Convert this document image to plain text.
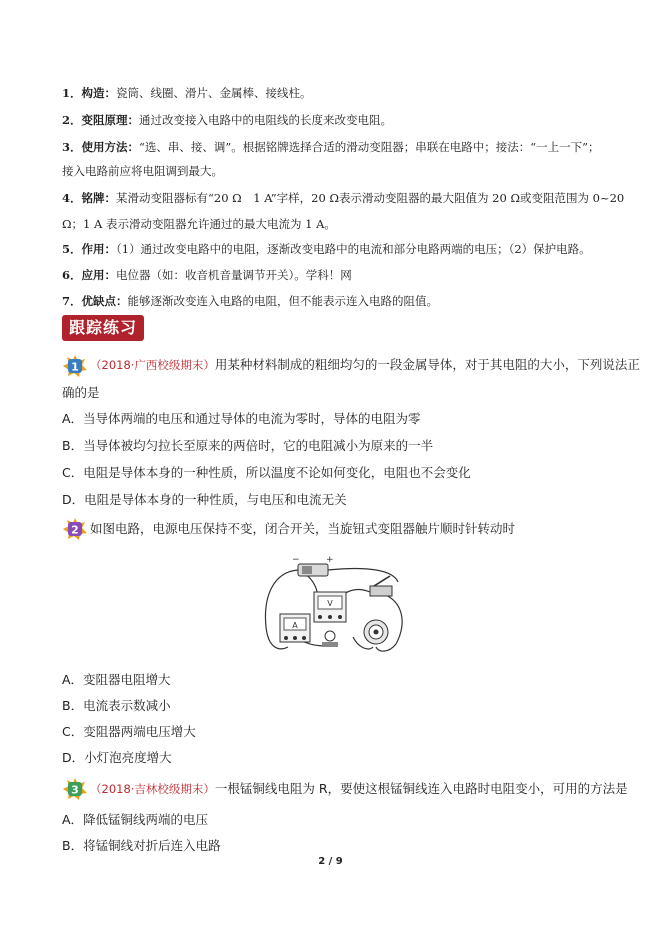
1．构造：瓷筒、线圈、滑片、金属棒、接线柱。
2．变阻原理：通过改变接入电路中的电阻线的长度来改变电阻。
3．使用方法：“选、串、接、调”。根据铭牌选择合适的滑动变阻器；串联在电路中；接法：“一上一下”；
接入电路前应将电阻调到最大。
4．铭牌：某滑动变阻器标有“20 Ω　1 A”字样，20 Ω表示滑动变阻器的最大阻值为 20 Ω或变阻范围为 0~20
Ω；1 A 表示滑动变阻器允许通过的最大电流为 1 A。
5．作用：（1）通过改变电路中的电阻，逐渐改变电路中的电流和部分电路两端的电压；（2）保护电路。
6．应用：电位器（如：收音机音量调节开关）。学科！网
7．优缺点：能够逐渐改变连入电路的电阻，但不能表示连入电路的阻值。
跟踪练习
1 （2018·广西校级期末）用某种材料制成的粗细均匀的一段金属导体，对于其电阻的大小，下列说法正
确的是
A．当导体两端的电压和通过导体的电流为零时，导体的电阻为零
B．当导体被均匀拉长至原来的两倍时，它的电阻减小为原来的一半
C．电阻是导体本身的一种性质，所以温度不论如何变化，电阻也不会变化
D．电阻是导体本身的一种性质，与电压和电流无关
2 如图电路，电源电压保持不变，闭合开关，当旋钮式变阻器触片顺时针转动时
−	+
A
V
A．变阻器电阻增大
B．电流表示数减小
C．变阻器两端电压增大
D．小灯泡亮度增大
3 （2018·吉林校级期末）一根锰铜线电阻为 R，要使这根锰铜线连入电路时电阻变小，可用的方法是
A．降低锰铜线两端的电压
B．将锰铜线对折后连入电路
2 / 9
